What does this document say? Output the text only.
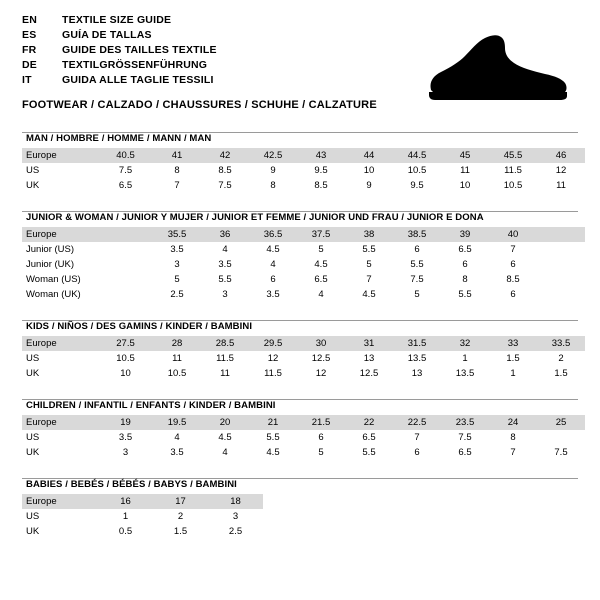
EN	TEXTILE SIZE GUIDE
ES	GUÍA DE TALLAS
FR	GUIDE DES TAILLES TEXTILE
DE	TEXTILGRÖSSENFÜHRUNG
IT	GUIDA ALLE TAGLIE TESSILI
FOOTWEAR / CALZADO / CHAUSSURES / SCHUHE / CALZATURE
MAN / HOMBRE / HOMME / MANN / MAN
Europe	40.5	41	42	42.5	43	44	44.5	45	45.5	46
US	7.5	8	8.5	9	9.5	10	10.5	11	11.5	12
UK	6.5	7	7.5	8	8.5	9	9.5	10	10.5	11
JUNIOR & WOMAN / JUNIOR Y MUJER / JUNIOR ET FEMME / JUNIOR UND FRAU / JUNIOR E DONA
Europe		35.5	36	36.5	37.5	38	38.5	39	40	
Junior (US)		3.5	4	4.5	5	5.5	6	6.5	7	
Junior (UK)		3	3.5	4	4.5	5	5.5	6	6	
Woman (US)		5	5.5	6	6.5	7	7.5	8	8.5	
Woman (UK)		2.5	3	3.5	4	4.5	5	5.5	6	
KIDS / NIÑOS / DES GAMINS / KINDER / BAMBINI
Europe	27.5	28	28.5	29.5	30	31	31.5	32	33	33.5
US	10.5	11	11.5	12	12.5	13	13.5	1	1.5	2
UK	10	10.5	11	11.5	12	12.5	13	13.5	1	1.5
CHILDREN / INFANTIL / ENFANTS / KINDER / BAMBINI
Europe	19	19.5	20	21	21.5	22	22.5	23.5	24	25
US	3.5	4	4.5	5.5	6	6.5	7	7.5	8	
UK	3	3.5	4	4.5	5	5.5	6	6.5	7	7.5
BABIES / BEBÉS / BÉBÉS / BABYS / BAMBINI
Europe	16	17	18
US	1	2	3
UK	0.5	1.5	2.5
